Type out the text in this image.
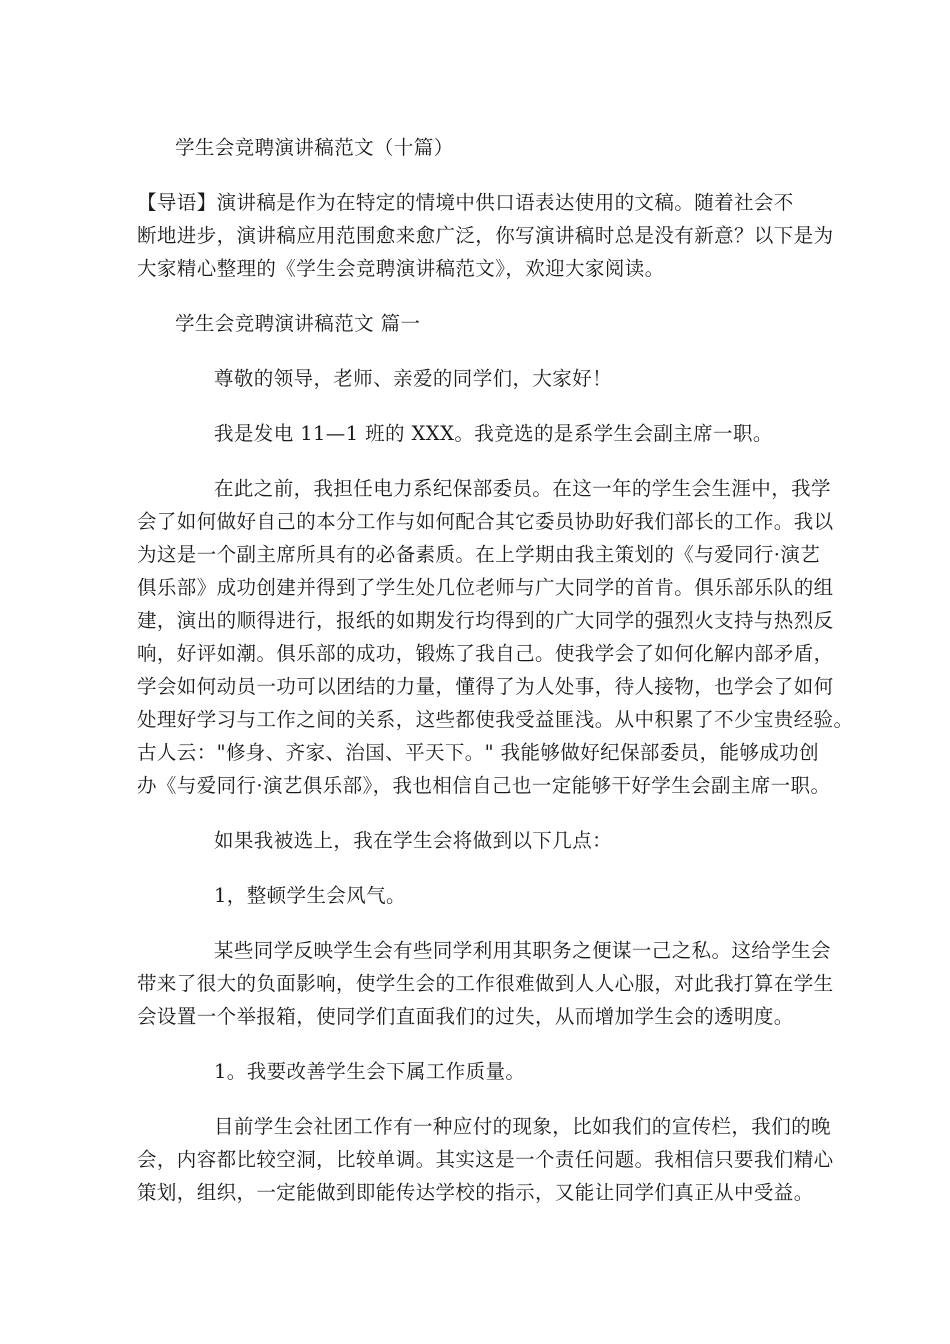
学生会竞聘演讲稿范文（十篇）
【导语】演讲稿是作为在特定的情境中供口语表达使用的文稿。随着社会不
断地进步，演讲稿应用范围愈来愈广泛，你写演讲稿时总是没有新意？以下是为
大家精心整理的《学生会竞聘演讲稿范文》，欢迎大家阅读。
学生会竞聘演讲稿范文 篇一
尊敬的领导，老师、亲爱的同学们，大家好！
我是发电 11—1 班的 XXX。我竞选的是系学生会副主席一职。
在此之前，我担任电力系纪保部委员。在这一年的学生会生涯中，我学
会了如何做好自己的本分工作与如何配合其它委员协助好我们部长的工作。我以
为这是一个副主席所具有的必备素质。在上学期由我主策划的《与爱同行·演艺
俱乐部》成功创建并得到了学生处几位老师与广大同学的首肯。俱乐部乐队的组
建，演出的顺得进行，报纸的如期发行均得到的广大同学的强烈火支持与热烈反
响，好评如潮。俱乐部的成功，锻炼了我自己。使我学会了如何化解内部矛盾，
学会如何动员一功可以团结的力量，懂得了为人处事，待人接物，也学会了如何
处理好学习与工作之间的关系，这些都使我受益匪浅。从中积累了不少宝贵经验。
古人云："修身、齐家、治国、平天下。" 我能够做好纪保部委员，能够成功创
办《与爱同行·演艺俱乐部》，我也相信自己也一定能够干好学生会副主席一职。
如果我被选上，我在学生会将做到以下几点：
1，整顿学生会风气。
某些同学反映学生会有些同学利用其职务之便谋一己之私。这给学生会
带来了很大的负面影响，使学生会的工作很难做到人人心服，对此我打算在学生
会设置一个举报箱，使同学们直面我们的过失，从而增加学生会的透明度。
1。我要改善学生会下属工作质量。
目前学生会社团工作有一种应付的现象，比如我们的宣传栏，我们的晚
会，内容都比较空洞，比较单调。其实这是一个责任问题。我相信只要我们精心
策划，组织，一定能做到即能传达学校的指示，又能让同学们真正从中受益。
